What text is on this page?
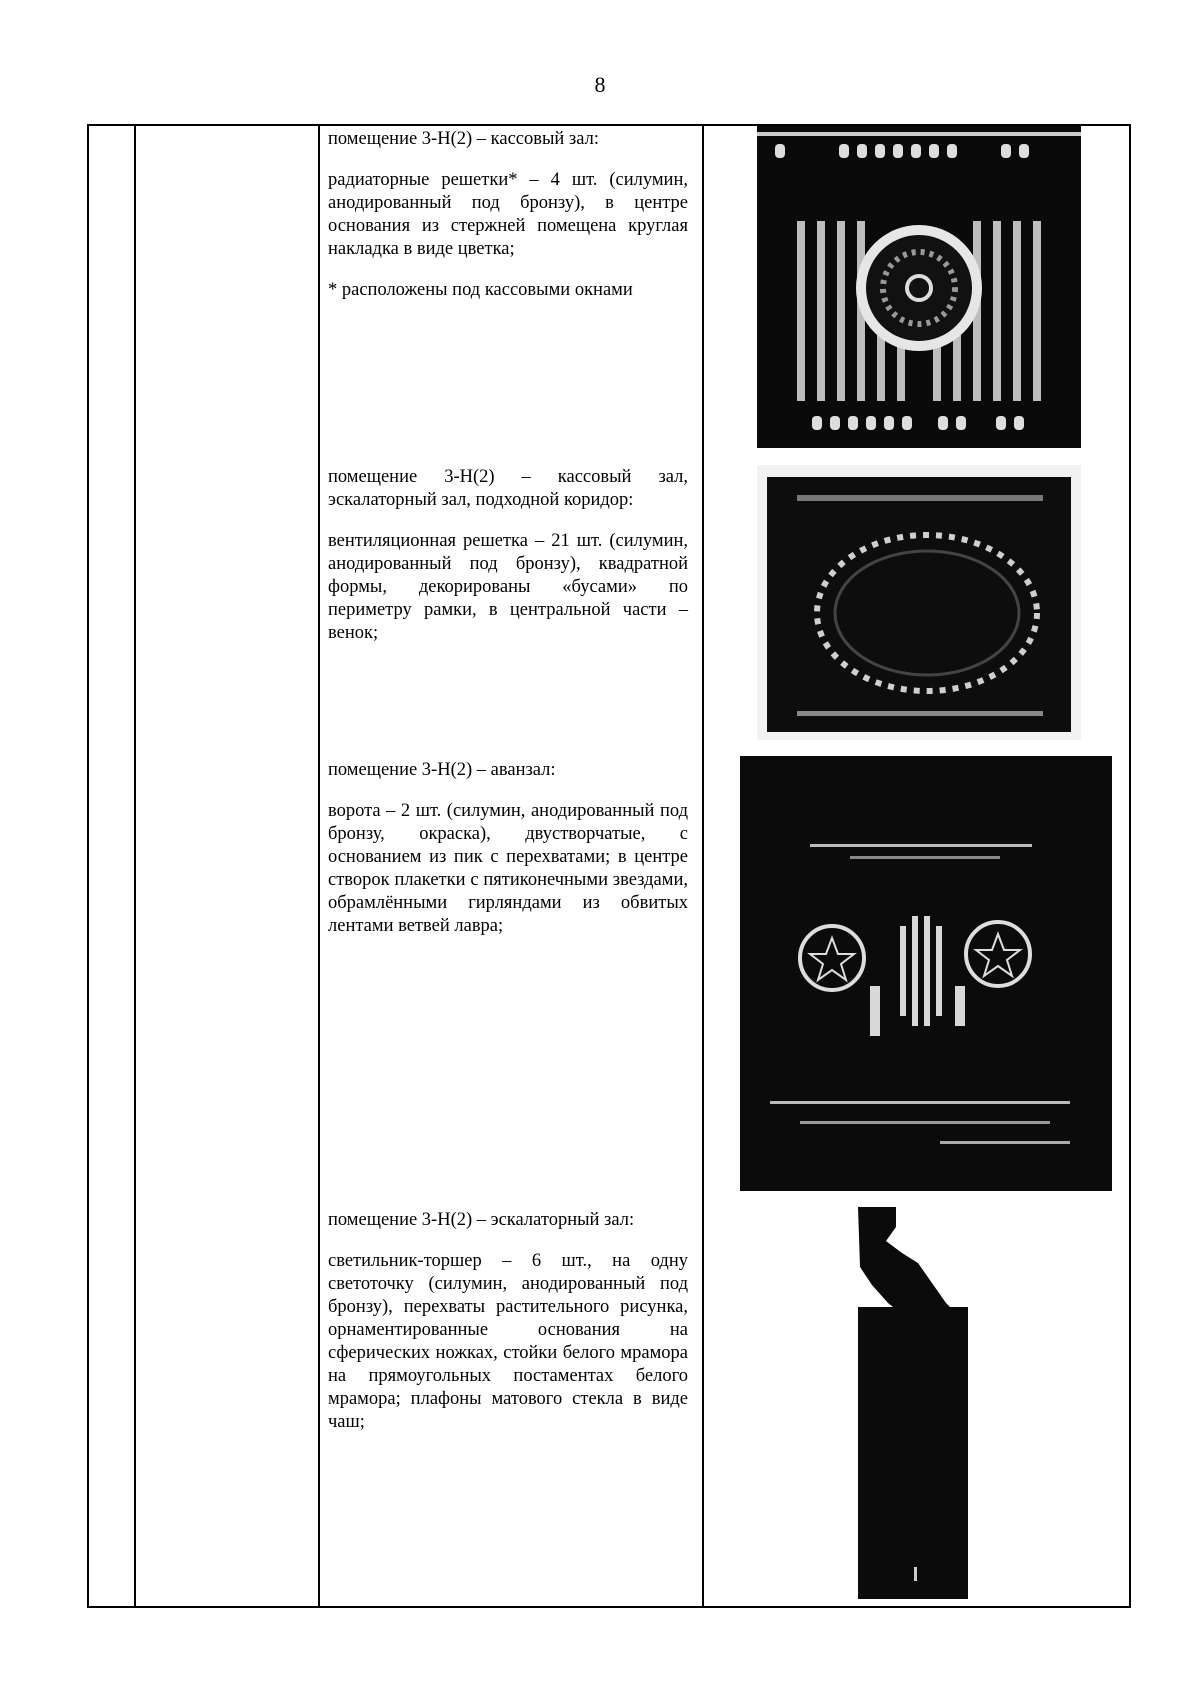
8

помещение 3-Н(2) – кассовый зал:

радиаторные решетки* – 4 шт. (силумин, анодированный под бронзу), в центре основания из стержней помещена круглая накладка в виде цветка;

* расположены под кассовыми окнами

помещение 3-Н(2) – кассовый зал, эскалаторный зал, подходной коридор:

вентиляционная решетка – 21 шт. (силумин, анодированный под бронзу), квадратной формы, декорированы «бусами» по периметру рамки, в центральной части – венок;

помещение 3-Н(2) – аванзал:

ворота – 2 шт. (силумин, анодированный под бронзу, окраска), двустворчатые, с основанием из пик с перехватами; в центре створок плакетки с пятиконечными звездами, обрамлёнными гирляндами из обвитых лентами ветвей лавра;

помещение 3-Н(2) – эскалаторный зал:

светильник-торшер – 6 шт., на одну светоточку (силумин, анодированный под бронзу), перехваты растительного рисунка, орнаментированные основания на сферических ножках, стойки белого мрамора на прямоугольных постаментах белого мрамора; плафоны матового стекла в виде чаш;
